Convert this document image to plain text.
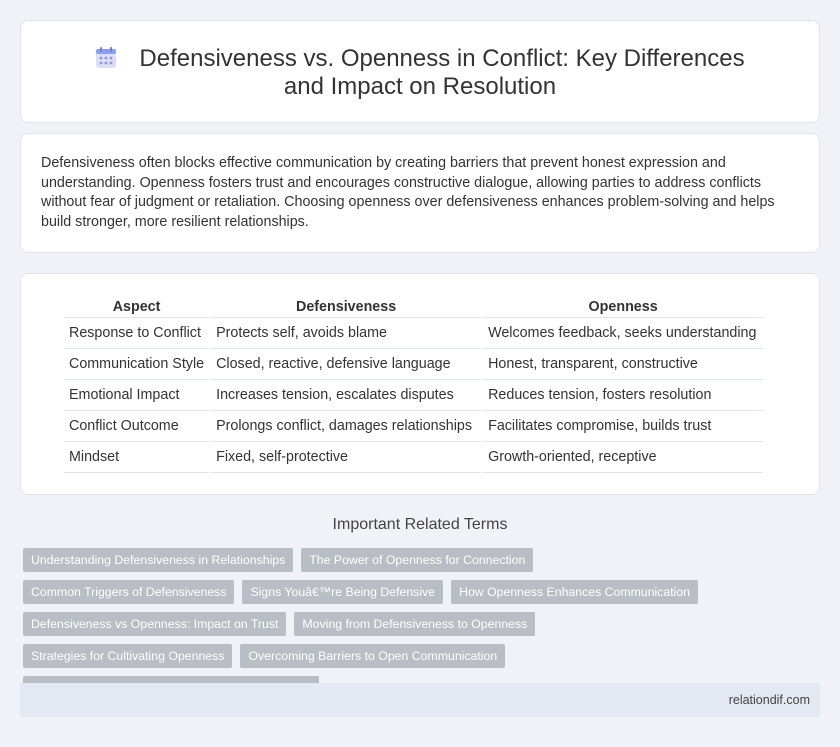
Defensiveness vs. Openness in Conflict: Key Differences and Impact on Resolution

Defensiveness often blocks effective communication by creating barriers that prevent honest expression and understanding. Openness fosters trust and encourages constructive dialogue, allowing parties to address conflicts without fear of judgment or retaliation. Choosing openness over defensiveness enhances problem-solving and helps build stronger, more resilient relationships.

Aspect	Defensiveness	Openness
Response to Conflict	Protects self, avoids blame	Welcomes feedback, seeks understanding
Communication Style	Closed, reactive, defensive language	Honest, transparent, constructive
Emotional Impact	Increases tension, escalates disputes	Reduces tension, fosters resolution
Conflict Outcome	Prolongs conflict, damages relationships	Facilitates compromise, builds trust
Mindset	Fixed, self-protective	Growth-oriented, receptive
Important Related Terms
Understanding Defensiveness in Relationships	The Power of Openness for Connection
Common Triggers of Defensiveness	Signs Youâ€™re Being Defensive	How Openness Enhances Communication
Defensiveness vs Openness: Impact on Trust	Moving from Defensiveness to Openness
Strategies for Cultivating Openness	Overcoming Barriers to Open Communication
relationdif.com
